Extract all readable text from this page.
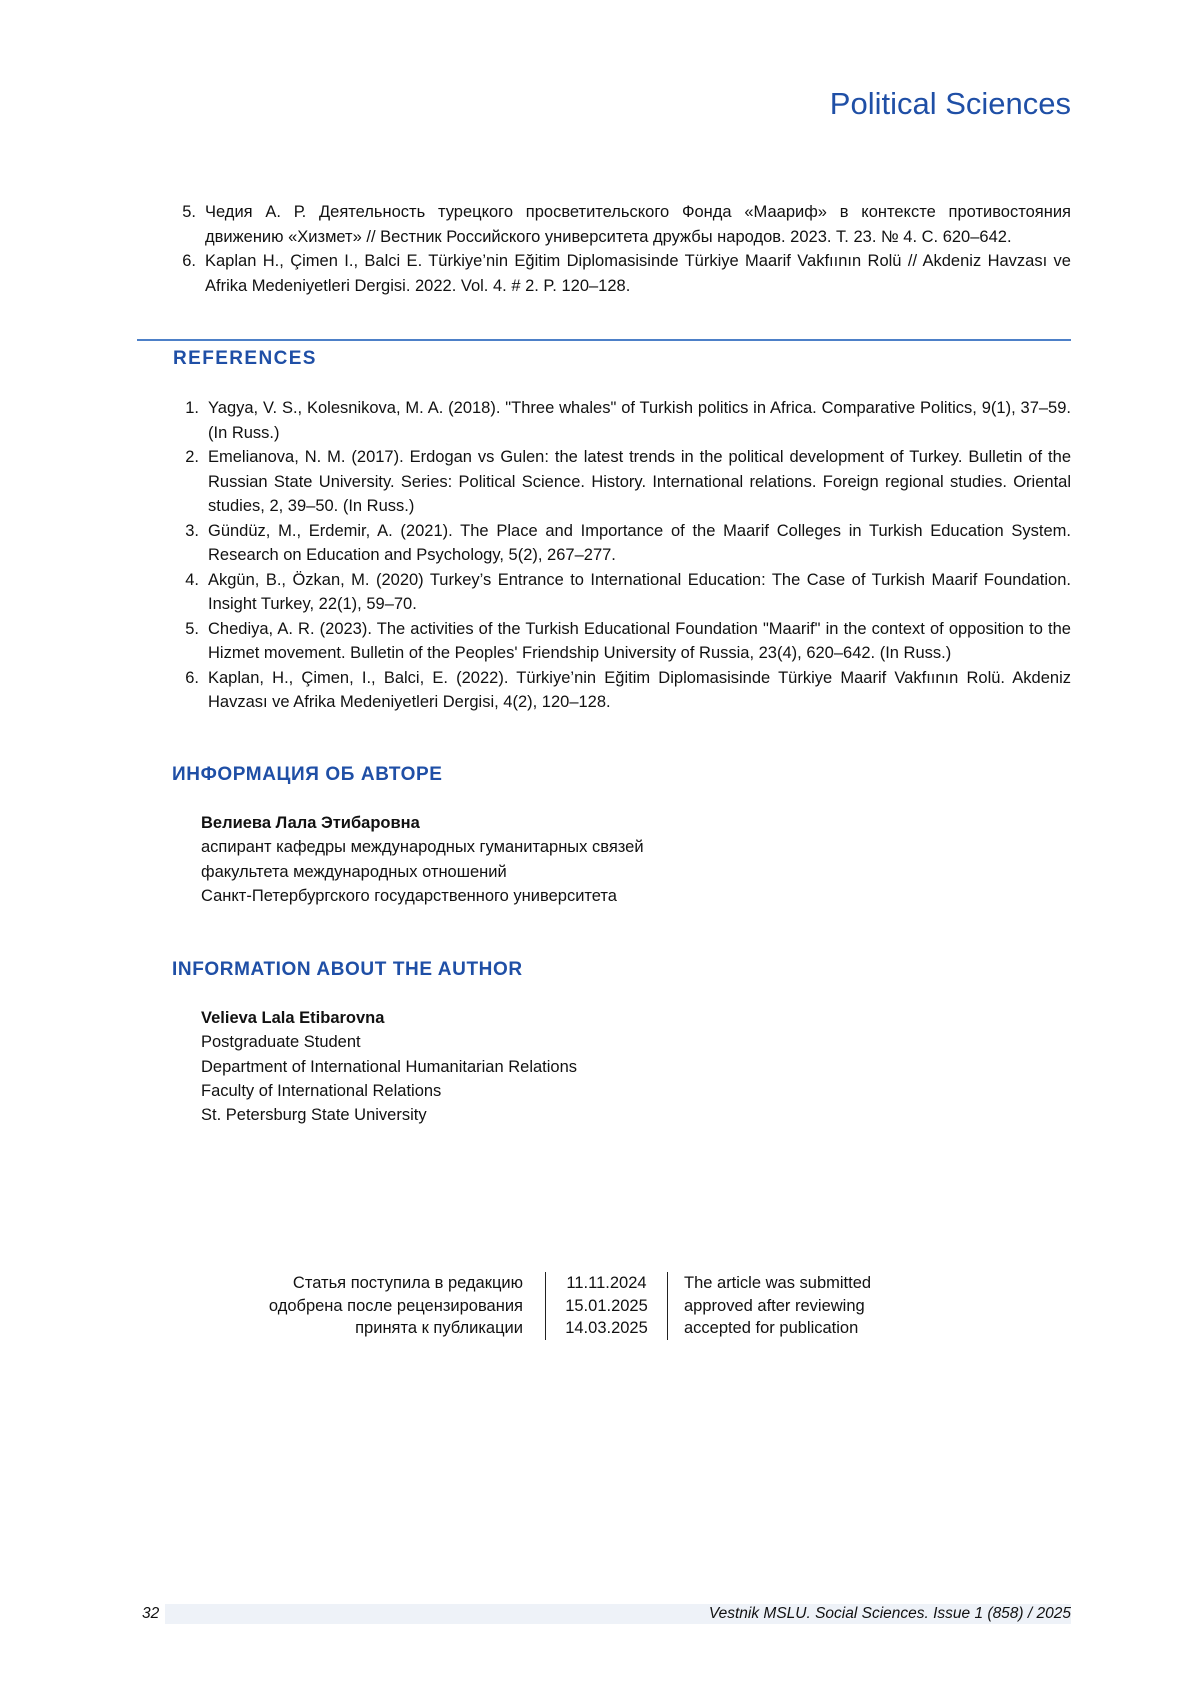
Political Sciences
5. Чедия А. Р. Деятельность турецкого просветительского Фонда «Маариф» в контексте противостояния движению «Хизмет» // Вестник Российского университета дружбы народов. 2023. Т. 23. № 4. С. 620–642.
6. Kaplan H., Çimen I., Balci E. Türkiye’nin Eğitim Diplomasisinde Türkiye Maarif Vakfıının Rolü // Akdeniz Havzası ve Afrika Medeniyetleri Dergisi. 2022. Vol. 4. # 2. P. 120–128.
REFERENCES
1. Yagya, V. S., Kolesnikova, M. A. (2018). "Three whales" of Turkish politics in Africa. Comparative Politics, 9(1), 37–59. (In Russ.)
2. Emelianova, N. M. (2017). Erdogan vs Gulen: the latest trends in the political development of Turkey. Bulletin of the Russian State University. Series: Political Science. History. International relations. Foreign regional studies. Oriental studies, 2, 39–50. (In Russ.)
3. Gündüz, M., Erdemir, A. (2021). The Place and Importance of the Maarif Colleges in Turkish Education System. Research on Education and Psychology, 5(2), 267–277.
4. Akgün, B., Özkan, M. (2020) Turkey’s Entrance to International Education: The Case of Turkish Maarif Foundation. Insight Turkey, 22(1), 59–70.
5. Chediya, A. R. (2023). The activities of the Turkish Educational Foundation "Maarif" in the context of opposition to the Hizmet movement. Bulletin of the Peoples' Friendship University of Russia, 23(4), 620–642. (In Russ.)
6. Kaplan, H., Çimen, I., Balci, E. (2022). Türkiye’nin Eğitim Diplomasisinde Türkiye Maarif Vakfıının Rolü. Akdeniz Havzası ve Afrika Medeniyetleri Dergisi, 4(2), 120–128.
ИНФОРМАЦИЯ ОБ АВТОРЕ
Велиева Лала Этибаровна
аспирант кафедры международных гуманитарных связей
факультета международных отношений
Санкт-Петербургского государственного университета
INFORMATION ABOUT THE AUTHOR
Velieva Lala Etibarovna
Postgraduate Student
Department of International Humanitarian Relations
Faculty of International Relations
St. Petersburg State University
Статья поступила в редакцию
одобрена после рецензирования
принята к публикации
11.11.2024
15.01.2025
14.03.2025
The article was submitted
approved after reviewing
accepted for publication
32	Vestnik MSLU. Social Sciences. Issue 1 (858) / 2025
